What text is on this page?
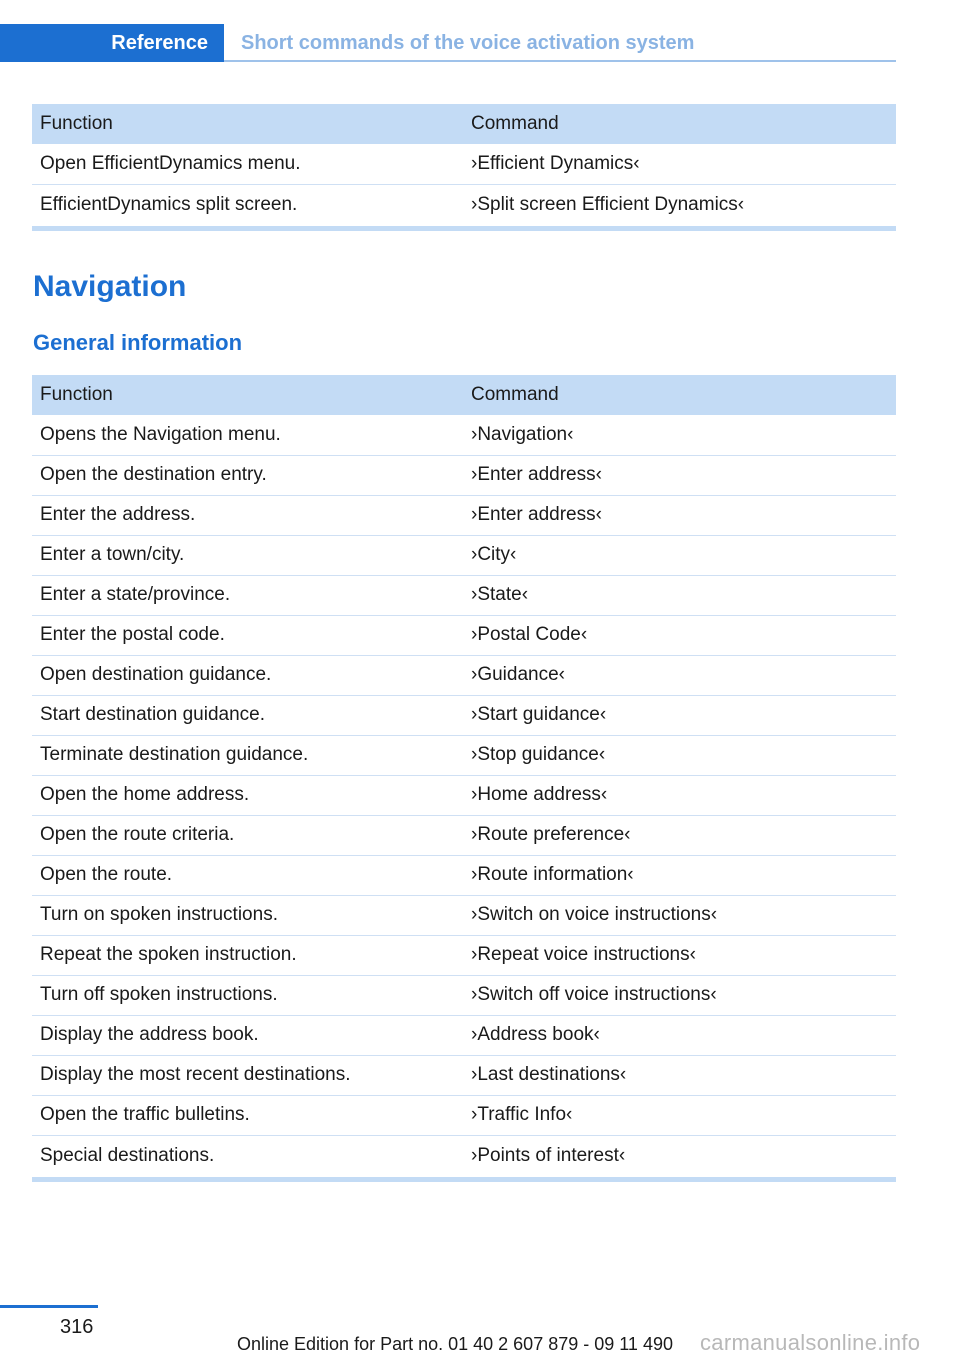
Reference	Short commands of the voice activation system
Function	Command
Open EfficientDynamics menu.	›Efficient Dynamics‹
EfficientDynamics split screen.	›Split screen Efficient Dynamics‹
Navigation
General information
Function	Command
Opens the Navigation menu.	›Navigation‹
Open the destination entry.	›Enter address‹
Enter the address.	›Enter address‹
Enter a town/city.	›City‹
Enter a state/province.	›State‹
Enter the postal code.	›Postal Code‹
Open destination guidance.	›Guidance‹
Start destination guidance.	›Start guidance‹
Terminate destination guidance.	›Stop guidance‹
Open the home address.	›Home address‹
Open the route criteria.	›Route preference‹
Open the route.	›Route information‹
Turn on spoken instructions.	›Switch on voice instructions‹
Repeat the spoken instruction.	›Repeat voice instructions‹
Turn off spoken instructions.	›Switch off voice instructions‹
Display the address book.	›Address book‹
Display the most recent destinations.	›Last destinations‹
Open the traffic bulletins.	›Traffic Info‹
Special destinations.	›Points of interest‹
316
Online Edition for Part no. 01 40 2 607 879 - 09 11 490 carmanualsonline.info
